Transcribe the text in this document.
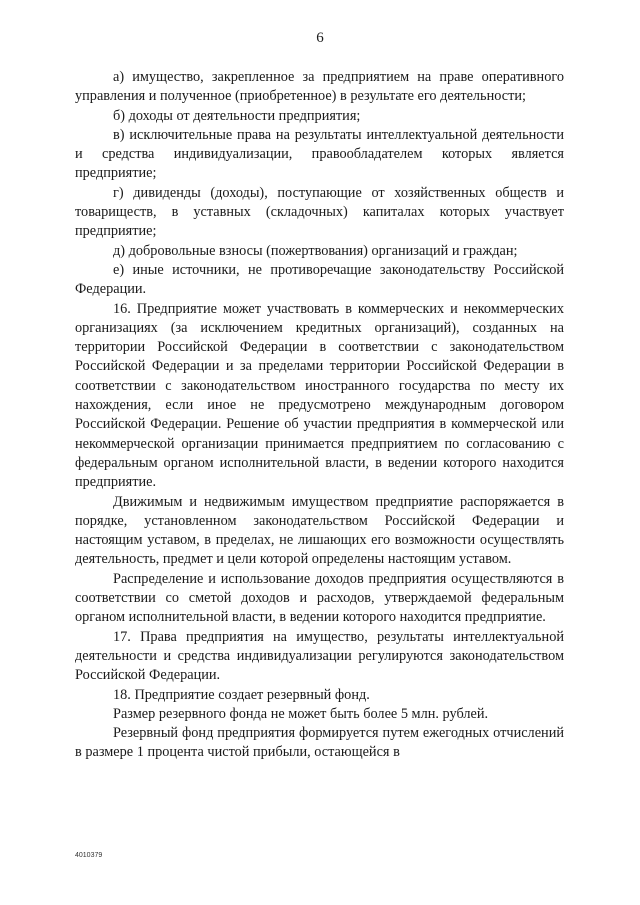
6

а) имущество, закрепленное за предприятием на праве оперативного управления и полученное (приобретенное) в результате его деятельности;

б) доходы от деятельности предприятия;

в) исключительные права на результаты интеллектуальной деятельности и средства индивидуализации, правообладателем которых является предприятие;

г) дивиденды (доходы), поступающие от хозяйственных обществ и товариществ, в уставных (складочных) капиталах которых участвует предприятие;

д) добровольные взносы (пожертвования) организаций и граждан;

е) иные источники, не противоречащие законодательству Российской Федерации.

16. Предприятие может участвовать в коммерческих и некоммерческих организациях (за исключением кредитных организаций), созданных на территории Российской Федерации в соответствии с законодательством Российской Федерации и за пределами территории Российской Федерации в соответствии с законодательством иностранного государства по месту их нахождения, если иное не предусмотрено международным договором Российской Федерации. Решение об участии предприятия в коммерческой или некоммерческой организации принимается предприятием по согласованию с федеральным органом исполнительной власти, в ведении которого находится предприятие.

Движимым и недвижимым имуществом предприятие распоряжается в порядке, установленном законодательством Российской Федерации и настоящим уставом, в пределах, не лишающих его возможности осуществлять деятельность, предмет и цели которой определены настоящим уставом.

Распределение и использование доходов предприятия осуществляются в соответствии со сметой доходов и расходов, утверждаемой федеральным органом исполнительной власти, в ведении которого находится предприятие.

17. Права предприятия на имущество, результаты интеллектуальной деятельности и средства индивидуализации регулируются законодательством Российской Федерации.

18. Предприятие создает резервный фонд.

Размер резервного фонда не может быть более 5 млн. рублей.

Резервный фонд предприятия формируется путем ежегодных отчислений в размере 1 процента чистой прибыли, остающейся в

4010379
